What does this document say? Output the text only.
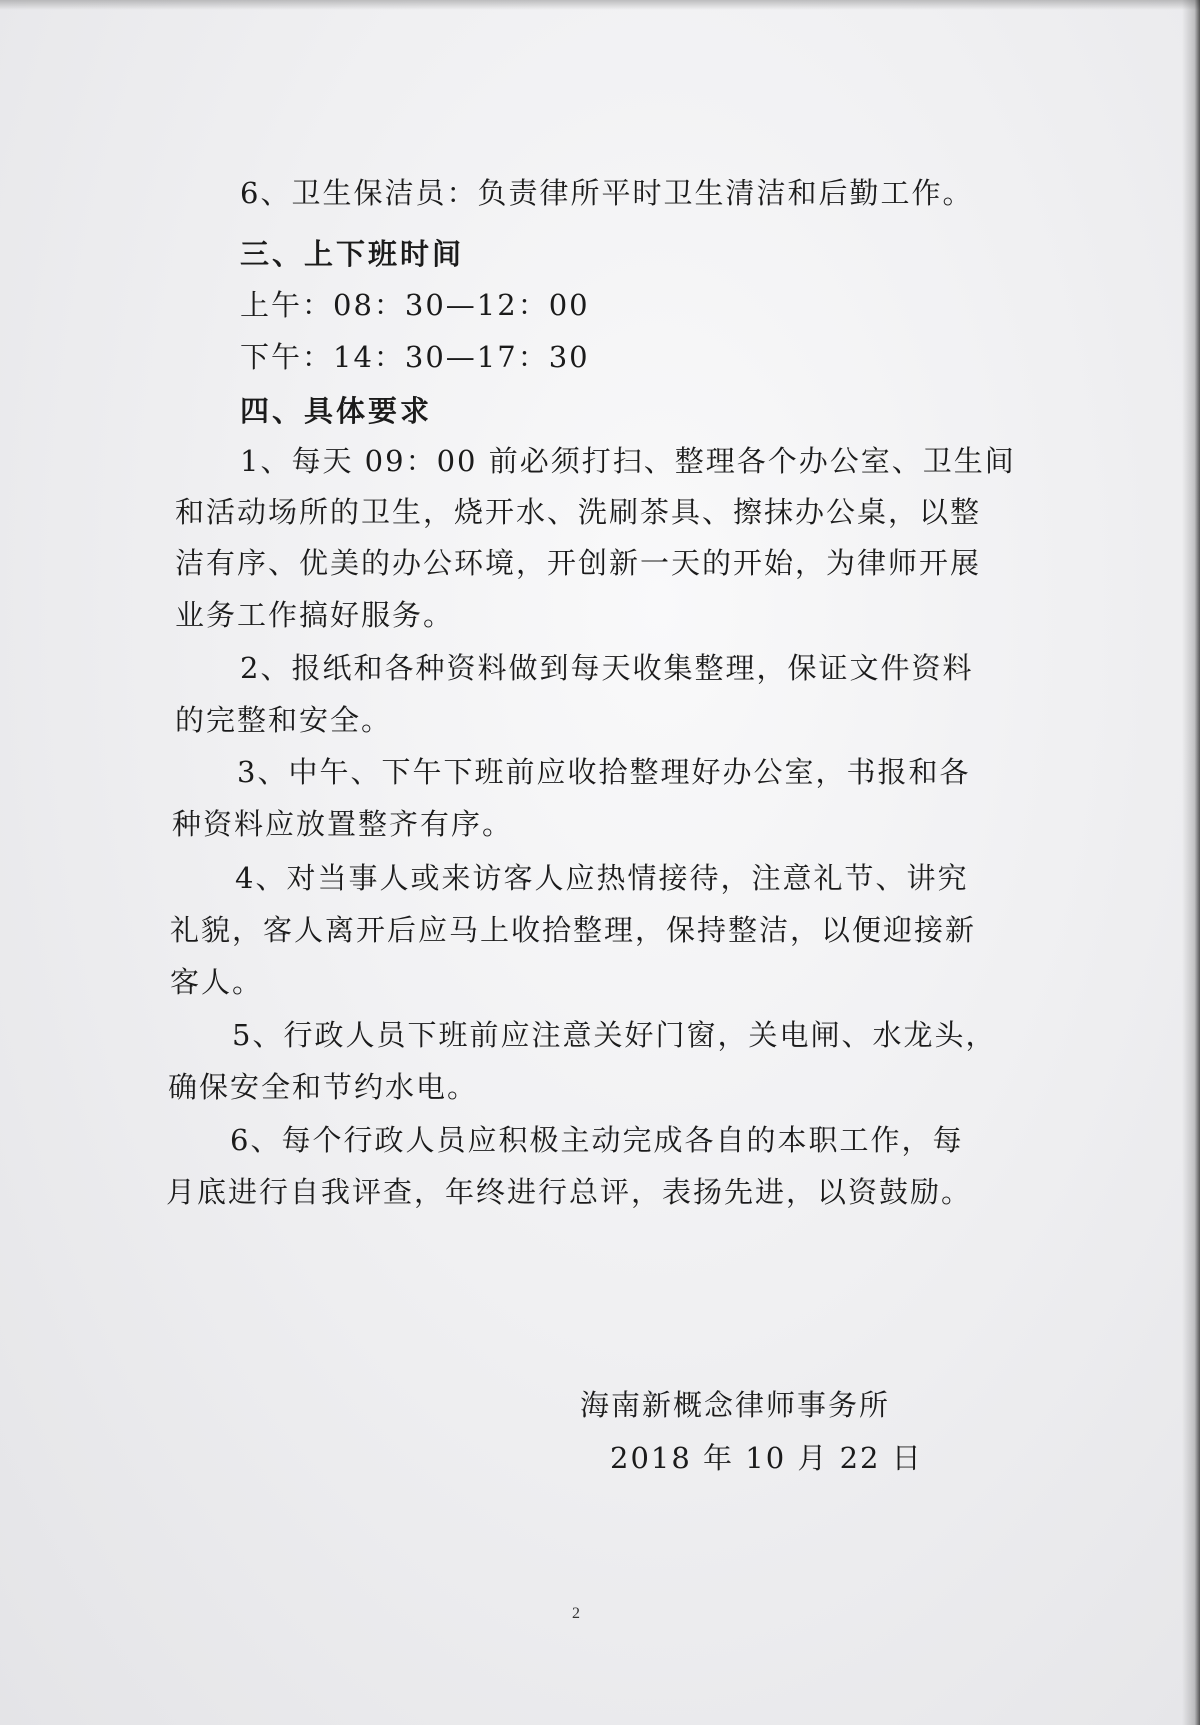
6、卫生保洁员：负责律所平时卫生清洁和后勤工作。
三、上下班时间
上午：08：30—12：00
下午：14：30—17：30
四、具体要求
1、每天 09：00 前必须打扫、整理各个办公室、卫生间
和活动场所的卫生，烧开水、洗刷茶具、擦抹办公桌，以整
洁有序、优美的办公环境，开创新一天的开始，为律师开展
业务工作搞好服务。
2、报纸和各种资料做到每天收集整理，保证文件资料
的完整和安全。
3、中午、下午下班前应收拾整理好办公室，书报和各
种资料应放置整齐有序。
4、对当事人或来访客人应热情接待，注意礼节、讲究
礼貌，客人离开后应马上收拾整理，保持整洁，以便迎接新
客人。
5、行政人员下班前应注意关好门窗，关电闸、水龙头，
确保安全和节约水电。
6、每个行政人员应积极主动完成各自的本职工作，每
月底进行自我评查，年终进行总评，表扬先进，以资鼓励。
海南新概念律师事务所
2018 年 10 月 22 日
2
